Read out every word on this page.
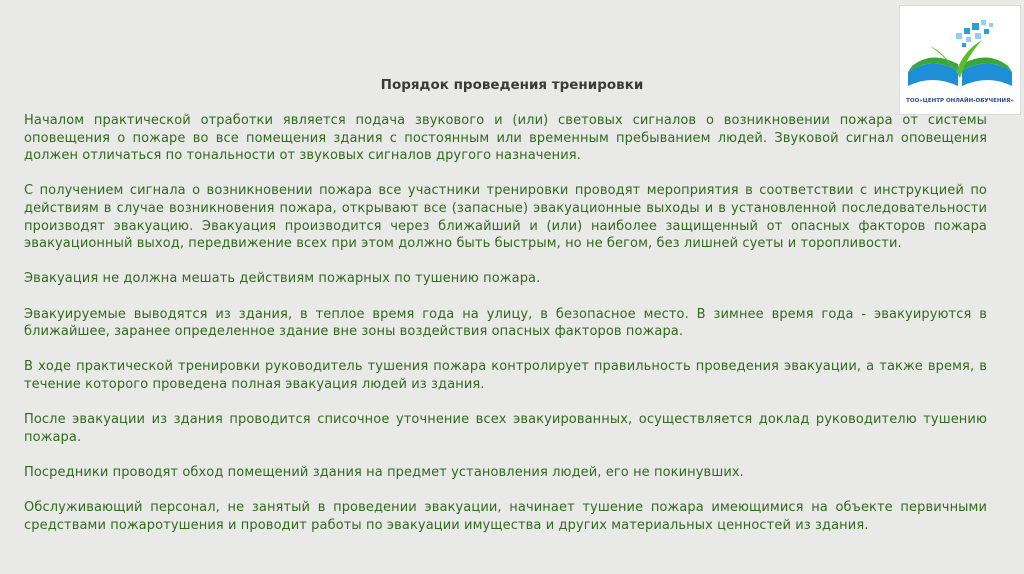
ТОО«ЦЕНТР ОНЛАЙН-ОБУЧЕНИЯ»
Порядок проведения тренировки

Началом практической отработки является подача звукового и (или) световых сигналов о возникновении пожара от системы оповещения о пожаре во все помещения здания с постоянным или временным пребыванием людей. Звуковой сигнал оповещения должен отличаться по тональности от звуковых сигналов другого назначения.

С получением сигнала о возникновении пожара все участники тренировки проводят мероприятия в соответствии с инструкцией по действиям в случае возникновения пожара, открывают все (запасные) эвакуационные выходы и в установленной последовательности производят эвакуацию. Эвакуация производится через ближайший и (или) наиболее защищенный от опасных факторов пожара эвакуационный выход, передвижение всех при этом должно быть быстрым, но не бегом, без лишней суеты и торопливости.

Эвакуация не должна мешать действиям пожарных по тушению пожара.

Эвакуируемые выводятся из здания, в теплое время года на улицу, в безопасное место. В зимнее время года - эвакуируются в ближайшее, заранее определенное здание вне зоны воздействия опасных факторов пожара.

В ходе практической тренировки руководитель тушения пожара контролирует правильность проведения эвакуации, а также время, в течение которого проведена полная эвакуация людей из здания.

После эвакуации из здания проводится списочное уточнение всех эвакуированных, осуществляется доклад руководителю тушению пожара.

Посредники проводят обход помещений здания на предмет установления людей, его не покинувших.

Обслуживающий персонал, не занятый в проведении эвакуации, начинает тушение пожара имеющимися на объекте первичными средствами пожаротушения и проводит работы по эвакуации имущества и других материальных ценностей из здания.
